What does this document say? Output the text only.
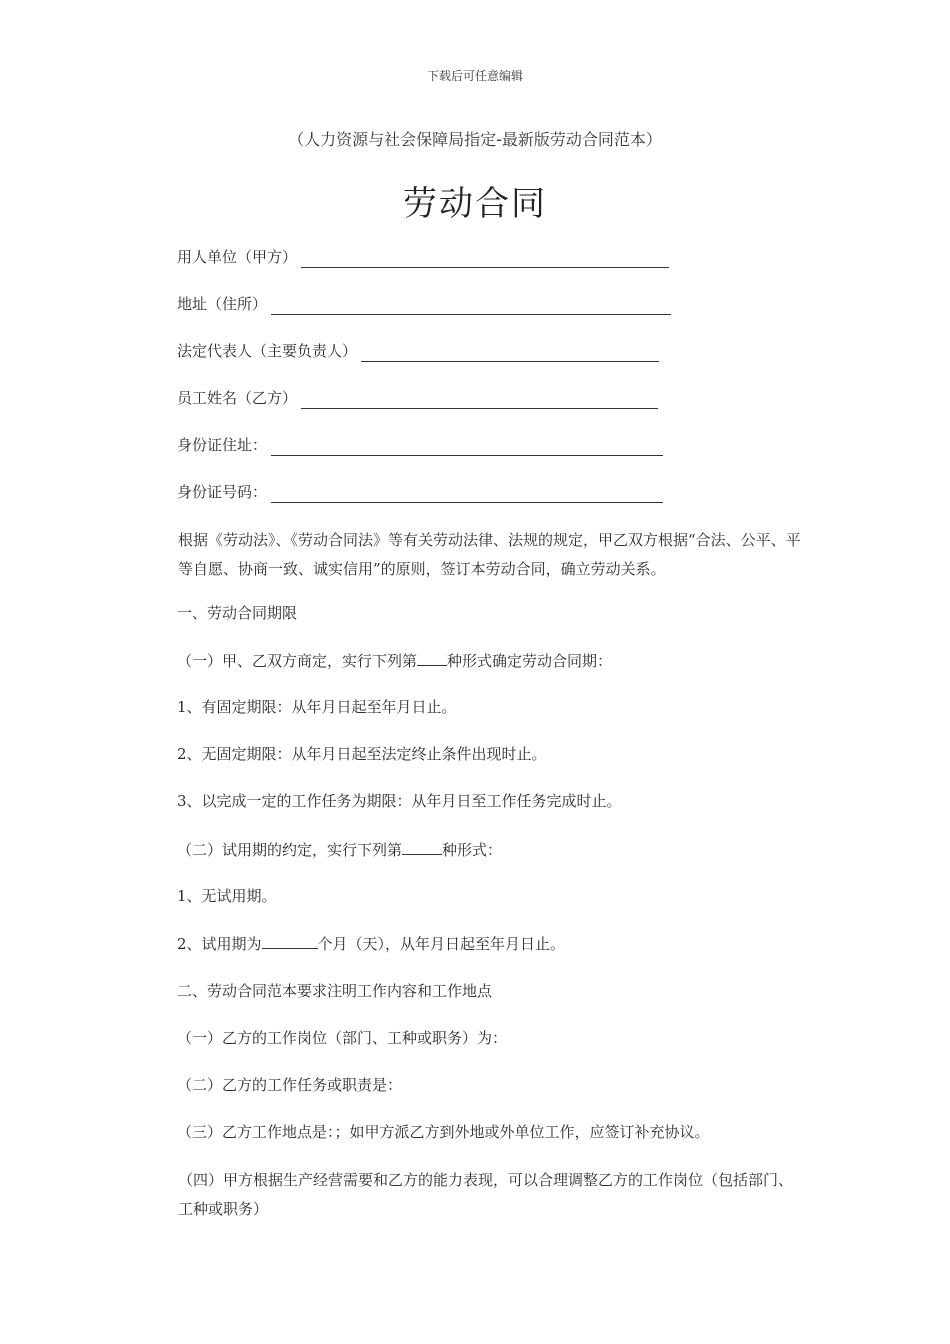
下载后可任意编辑
（人力资源与社会保障局指定-最新版劳动合同范本）
劳动合同
用人单位（甲方）
地址（住所）
法定代表人（主要负责人）
员工姓名（乙方）
身份证住址：
身份证号码：
根据《劳动法》、《劳动合同法》等有关劳动法律、法规的规定，甲乙双方根据“合法、公平、平等自愿、协商一致、诚实信用”的原则，签订本劳动合同，确立劳动关系。
一、劳动合同期限
（一）甲、乙双方商定，实行下列第 种形式确定劳动合同期：
1、有固定期限：从年月日起至年月日止。
2、无固定期限：从年月日起至法定终止条件出现时止。
3、以完成一定的工作任务为期限：从年月日至工作任务完成时止。
（二）试用期的约定，实行下列第	种形式：
1、无试用期。
2、试用期为	个月（天），从年月日起至年月日止。
二、劳动合同范本要求注明工作内容和工作地点
（一）乙方的工作岗位（部门、工种或职务）为：
（二）乙方的工作任务或职责是：
（三）乙方工作地点是：；如甲方派乙方到外地或外单位工作，应签订补充协议。
（四）甲方根据生产经营需要和乙方的能力表现，可以合理调整乙方的工作岗位（包括部门、工种或职务）
